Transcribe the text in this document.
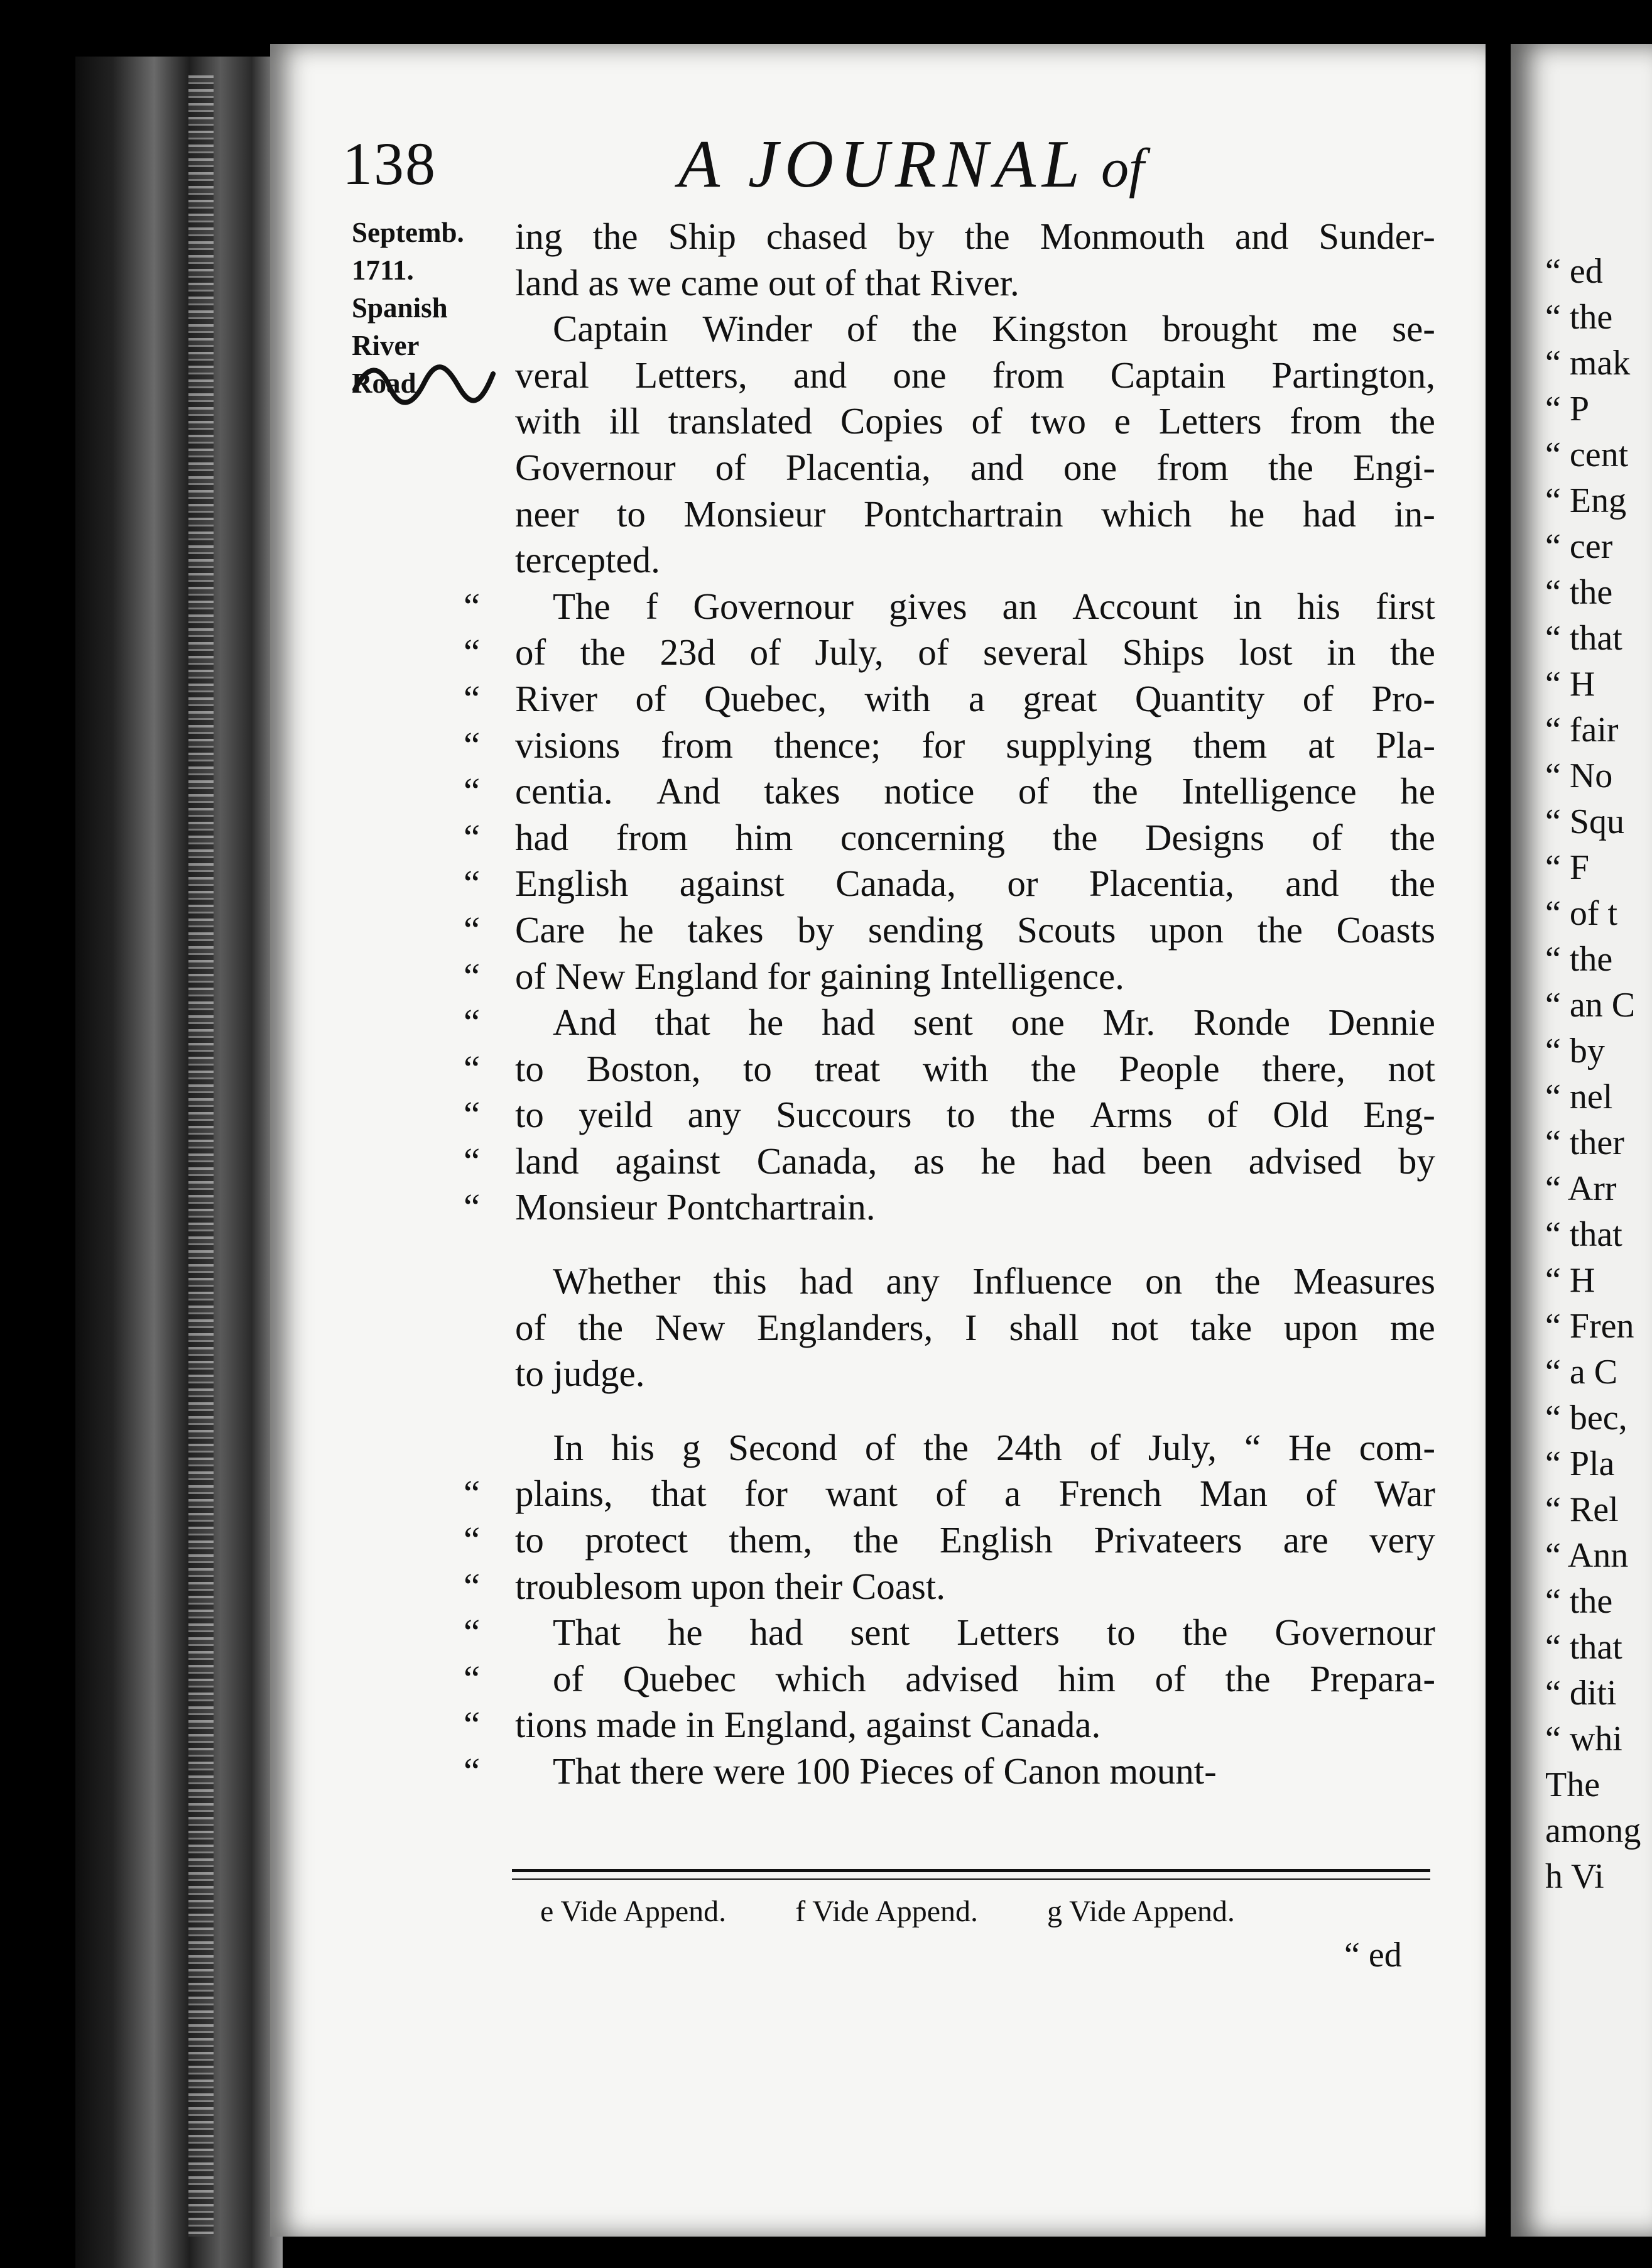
“ ed
“ the
“ mak
“ P
“ cent
“ Eng
“ cer
“ the
“ that
“ H
“ fair
“ No
“ Squ
“ F
“ of t
“ the
“ an C
“ by
“ nel
“ ther
“ Arr
“ that
“ H
“ Fren
“ a C
“ bec,
“ Pla
“ Rel
“ Ann
“ the
“ that
“ diti
“ whi
The
among
h Vi
138	A JOURNAL of
Septemb.
1711.
Spanish
River
Road.
ing the Ship chased by the Monmouth and Sunder-
land as we came out of that River.
Captain Winder of the Kingston brought me se-
veral Letters, and one from Captain Partington,
with ill translated Copies of two e Letters from the
Governour of Placentia, and one from the Engi-
neer to Monsieur Pontchartrain which he had in-
tercepted.
“ The f Governour gives an Account in his first
“ of the 23d of July, of several Ships lost in the
“ River of Quebec, with a great Quantity of Pro-
“ visions from thence; for supplying them at Pla-
“ centia. And takes notice of the Intelligence he
“ had from him concerning the Designs of the
“ English against Canada, or Placentia, and the
“ Care he takes by sending Scouts upon the Coasts
“ of New England for gaining Intelligence.
“ And that he had sent one Mr. Ronde Dennie
“ to Boston, to treat with the People there, not
“ to yeild any Succours to the Arms of Old Eng-
“ land against Canada, as he had been advised by
“ Monsieur Pontchartrain.
Whether this had any Influence on the Measures
of the New Englanders, I shall not take upon me
to judge.
In his g Second of the 24th of July, “ He com-
“ plains, that for want of a French Man of War
“ to protect them, the English Privateers are very
“ troublesom upon their Coast.
“ That he had sent Letters to the Governour
“ of Quebec which advised him of the Prepara-
“ tions made in England, against Canada.
“ That there were 100 Pieces of Canon mount-
e Vide Append. f Vide Append. g Vide Append.
“ ed
